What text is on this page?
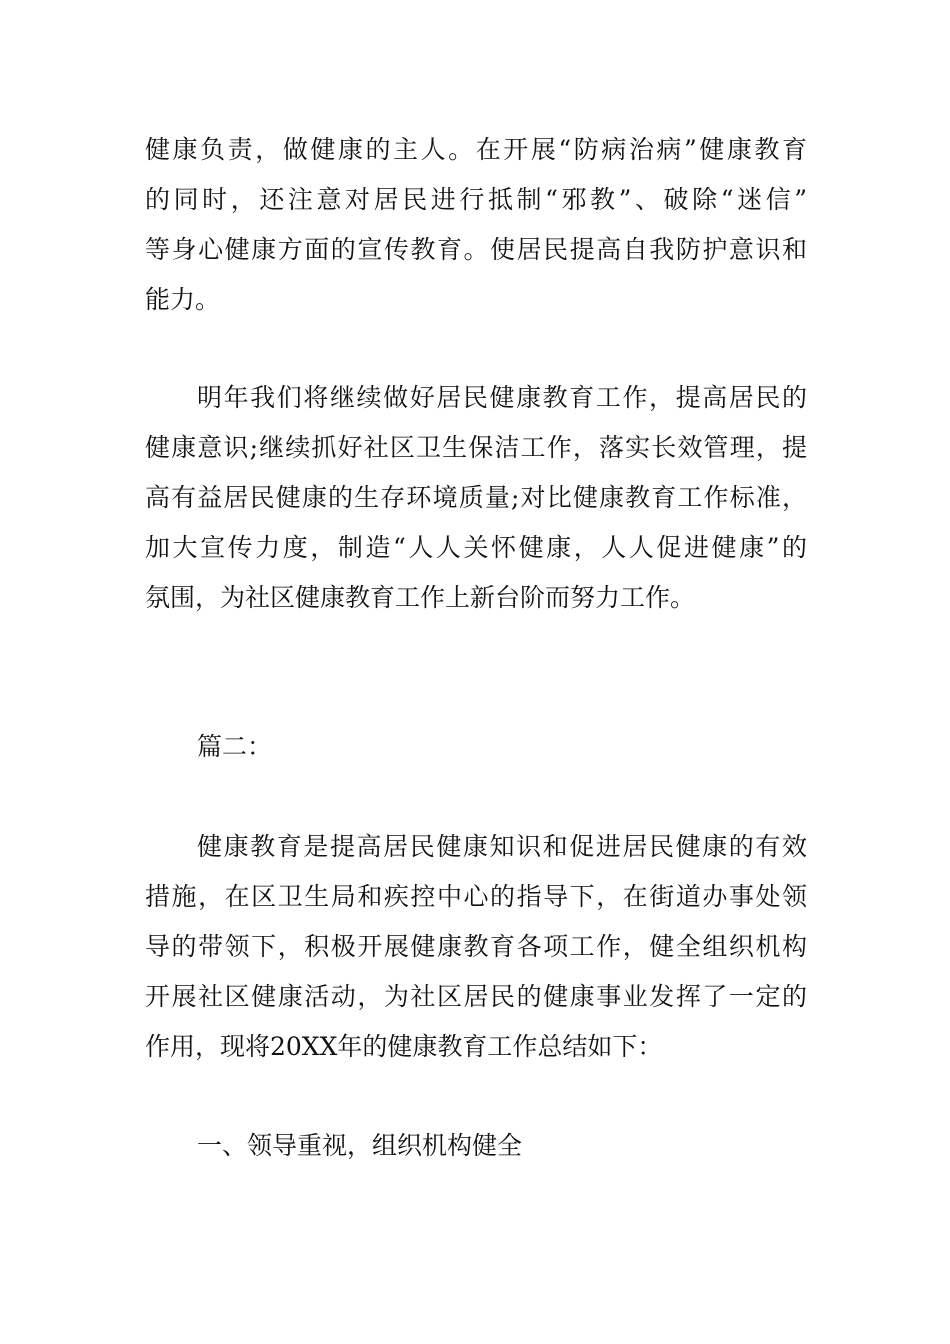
健康负责，做健康的主人。在开展“防病治病”健康教育
的同时，还注意对居民进行抵制“邪教”、破除“迷信”
等身心健康方面的宣传教育。使居民提高自我防护意识和
能力。
明年我们将继续做好居民健康教育工作，提高居民的
健康意识;继续抓好社区卫生保洁工作，落实长效管理，提
高有益居民健康的生存环境质量;对比健康教育工作标准，
加大宣传力度，制造“人人关怀健康，人人促进健康”的
氛围，为社区健康教育工作上新台阶而努力工作。
篇二：
健康教育是提高居民健康知识和促进居民健康的有效
措施，在区卫生局和疾控中心的指导下，在街道办事处领
导的带领下，积极开展健康教育各项工作，健全组织机构
开展社区健康活动，为社区居民的健康事业发挥了一定的
作用，现将20XX年的健康教育工作总结如下：
一、领导重视，组织机构健全
